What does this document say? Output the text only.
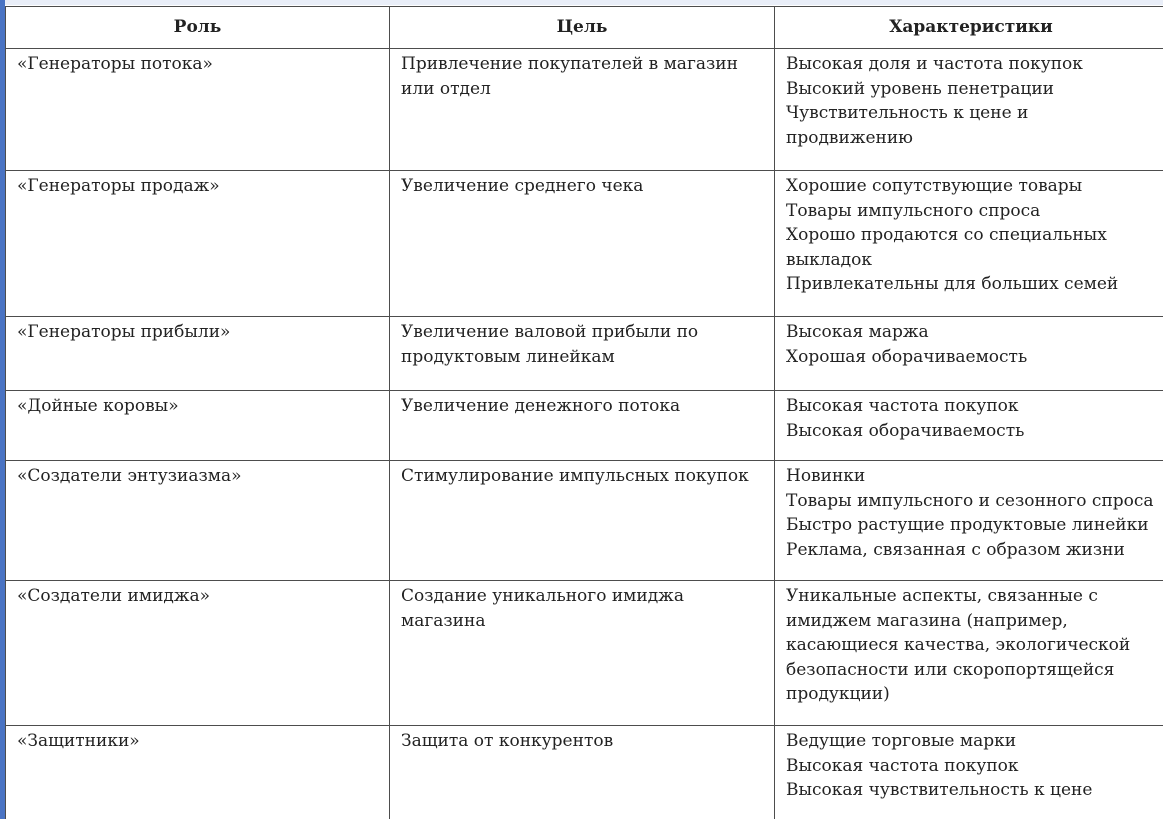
Роль	Цель	Характеристики

«Генераторы потока»	Привлечение покупателей в магазин или отдел	Высокая доля и частота покупок
Высокий уровень пенетрации
Чувствительность к цене и продвижению

«Генераторы продаж»	Увеличение среднего чека	Хорошие сопутствующие товары
Товары импульсного спроса
Хорошо продаются со специальных выкладок
Привлекательны для больших семей

«Генераторы прибыли»	Увеличение валовой прибыли по продуктовым линейкам	Высокая маржа
Хорошая оборачиваемость

«Дойные коровы»	Увеличение денежного потока	Высокая частота покупок
Высокая оборачиваемость

«Создатели энтузиазма»	Стимулирование импульсных покупок	Новинки
Товары импульсного и сезонного спроса
Быстро растущие продуктовые линейки
Реклама, связанная с образом жизни

«Создатели имиджа»	Создание уникального имиджа магазина	Уникальные аспекты, связанные с имиджем магазина (например, касающиеся качества, экологической безопасности или скоропортящейся продукции)

«Защитники»	Защита от конкурентов	Ведущие торговые марки
Высокая частота покупок
Высокая чувствительность к цене
